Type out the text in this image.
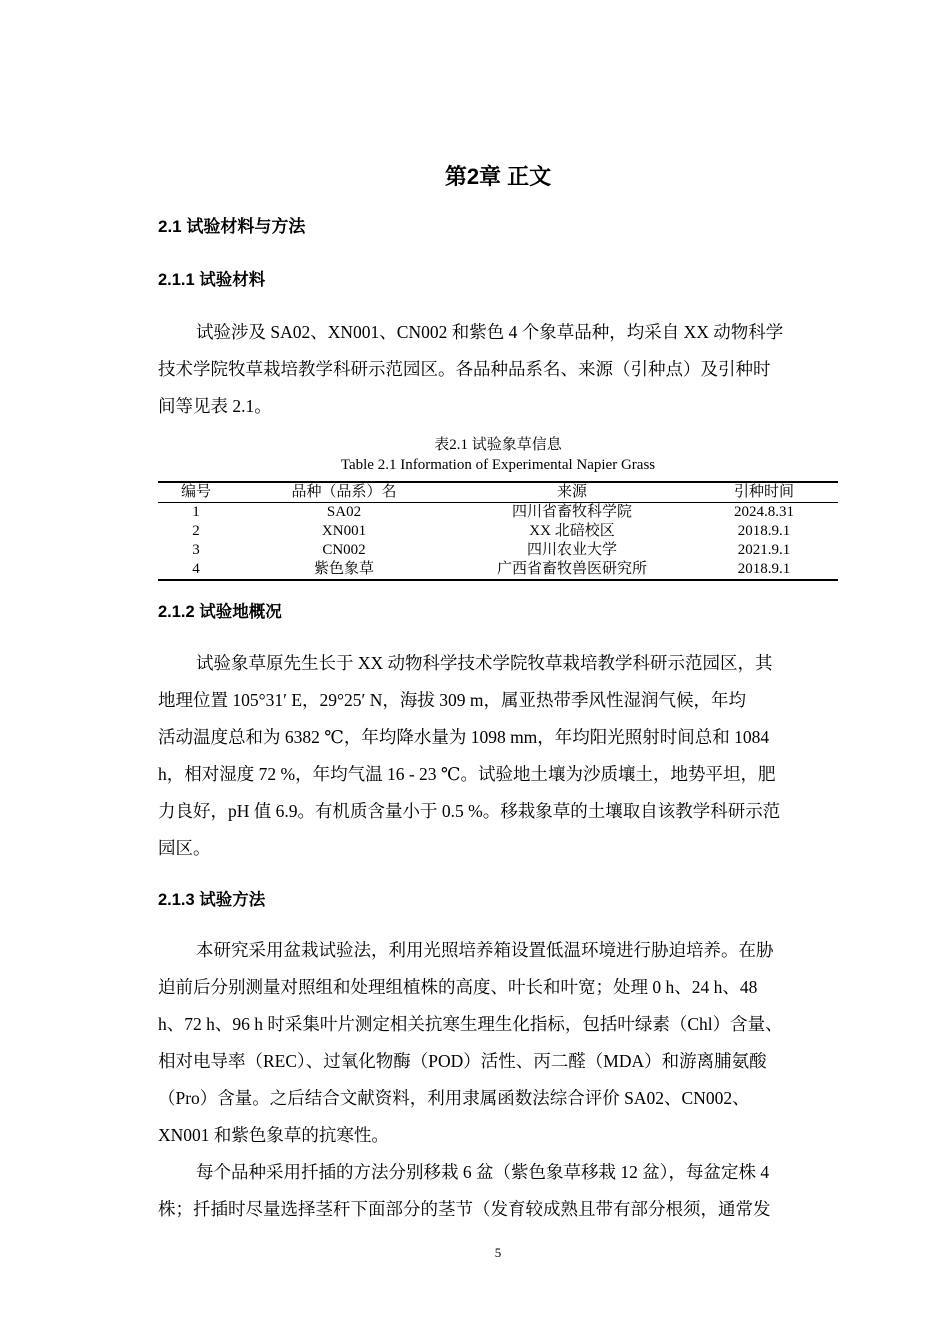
第2章 正文
2.1 试验材料与方法
2.1.1 试验材料
试验涉及 SA02、XN001、CN002 和紫色 4 个象草品种，均采自 XX 动物科学
技术学院牧草栽培教学科研示范园区。各品种品系名、来源（引种点）及引种时
间等见表 2.1。
表2.1 试验象草信息
Table 2.1 Information of Experimental Napier Grass
编号	品种（品系）名	来源	引种时间
1	SA02	四川省畜牧科学院	2024.8.31
2	XN001	XX 北碚校区	2018.9.1
3	CN002	四川农业大学	2021.9.1
4	紫色象草	广西省畜牧兽医研究所	2018.9.1
2.1.2 试验地概况
试验象草原先生长于 XX 动物科学技术学院牧草栽培教学科研示范园区，其
地理位置 105°31′ E，29°25′ N，海拔 309 m，属亚热带季风性湿润气候，年均
活动温度总和为 6382 ℃，年均降水量为 1098 mm，年均阳光照射时间总和 1084
h，相对湿度 72 %，年均气温 16 - 23 ℃。试验地土壤为沙质壤土，地势平坦，肥
力良好，pH 值 6.9。有机质含量小于 0.5 %。移栽象草的土壤取自该教学科研示范
园区。
2.1.3 试验方法
本研究采用盆栽试验法，利用光照培养箱设置低温环境进行胁迫培养。在胁
迫前后分别测量对照组和处理组植株的高度、叶长和叶宽；处理 0 h、24 h、48
h、72 h、96 h 时采集叶片测定相关抗寒生理生化指标，包括叶绿素（Chl）含量、
相对电导率（REC）、过氧化物酶（POD）活性、丙二醛（MDA）和游离脯氨酸
（Pro）含量。之后结合文献资料，利用隶属函数法综合评价 SA02、CN002、
XN001 和紫色象草的抗寒性。
每个品种采用扦插的方法分别移栽 6 盆（紫色象草移栽 12 盆），每盆定株 4
株；扦插时尽量选择茎秆下面部分的茎节（发育较成熟且带有部分根须，通常发
5
